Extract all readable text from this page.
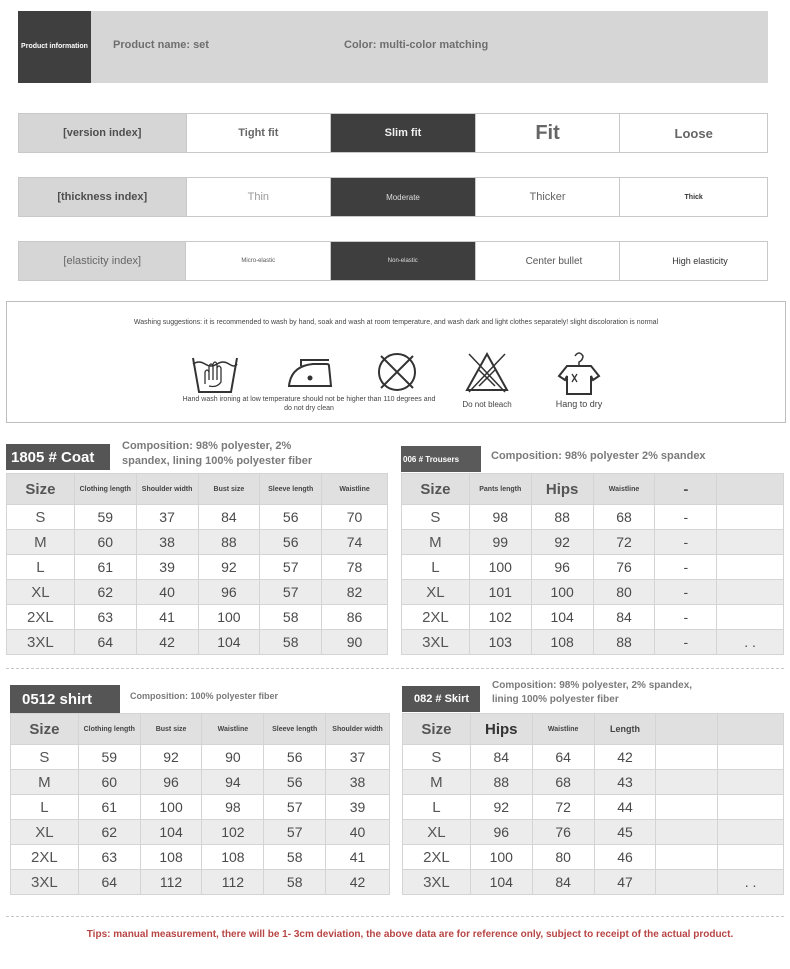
Product information Product name: set	Color: multi-color matching
[version index]	Tight fit	Slim fit	Fit	Loose
[thickness index]	Thin	Moderate	Thicker	Thick
[elasticity index]	Micro-elastic	Non-elastic	Center bullet	High elasticity
Washing suggestions: it is recommended to wash by hand, soak and wash at room temperature, and wash dark and light clothes separately! slight discoloration is normal
Hand wash ironing at low temperature should not be higher than 110 degrees and do not dry clean	Do not bleach	Hang to dry
1805 # Coat
Composition: 98% polyester, 2% spandex, lining 100% polyester fiber
Size	Clothing length	Shoulder width	Bust size	Sleeve length	Waistline
S	59	37	84	56	70
M	60	38	88	56	74
L	61	39	92	57	78
XL	62	40	96	57	82
2XL	63	41	100	58	86
3XL	64	42	104	58	90
006 # Trousers	Composition: 98% polyester 2% spandex
Size	Pants length	Hips	Waistline	-	
S	98	88	68	-	
M	99	92	72	-	
L	100	96	76	-	
XL	101	100	80	-	
2XL	102	104	84	-	
3XL	103	108	88	-	. .
0512 shirt	Composition: 100% polyester fiber
Size	Clothing length	Bust size	Waistline	Sleeve length	Shoulder width
S	59	92	90	56	37
M	60	96	94	56	38
L	61	100	98	57	39
XL	62	104	102	57	40
2XL	63	108	108	58	41
3XL	64	112	112	58	42
082 # Skirt
Composition: 98% polyester, 2% spandex, lining 100% polyester fiber
Size	Hips	Waistline	Length		
S	84	64	42		
M	88	68	43		
L	92	72	44		
XL	96	76	45		
2XL	100	80	46		
3XL	104	84	47		. .
Tips: manual measurement, there will be 1- 3cm deviation, the above data are for reference only, subject to receipt of the actual product.
